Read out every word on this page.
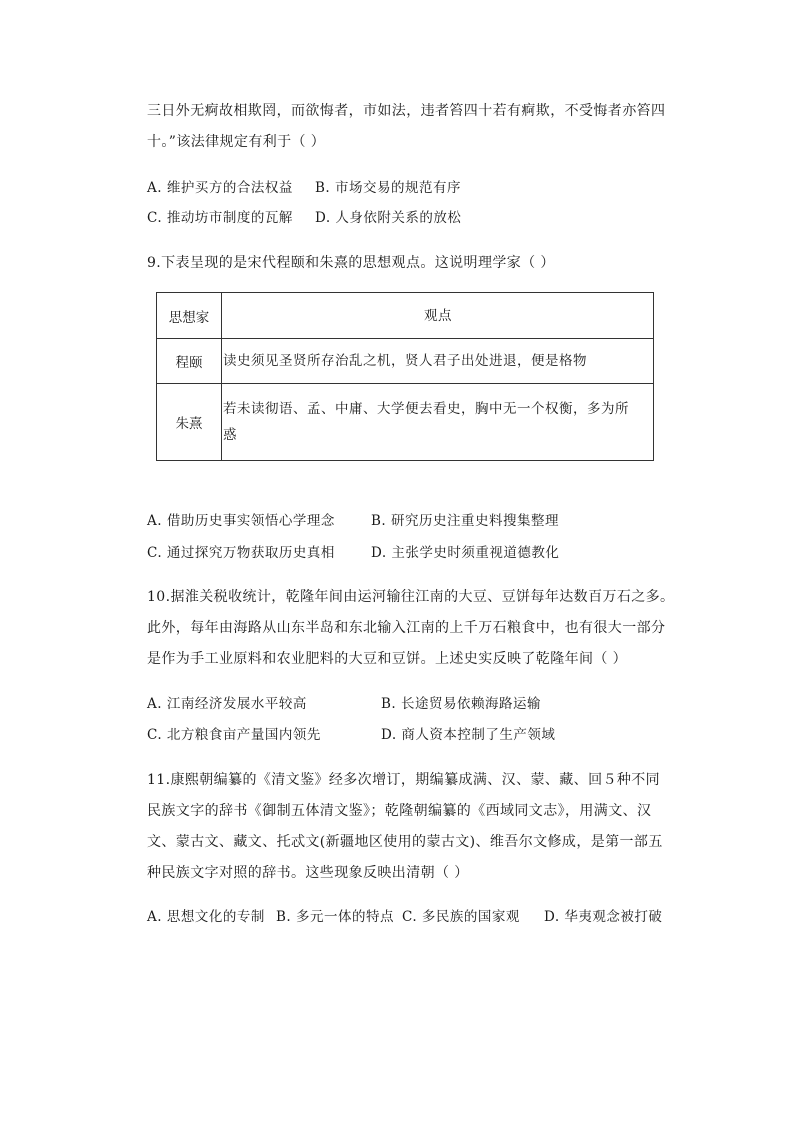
三日外无痾故相欺罔，而欲悔者，市如法，违者笞四十若有痾欺，不受悔者亦笞四
十。”该法律规定有利于（ ）
A. 维护买方的合法权益 B. 市场交易的规范有序
C. 推动坊市制度的瓦解 D. 人身依附关系的放松
9.下表呈现的是宋代程颐和朱熹的思想观点。这说明理学家（ ）
思想家	观点
程颐	读史须见圣贤所存治乱之机，贤人君子出处进退，便是格物
朱熹	若未读彻语、孟、中庸、大学便去看史，胸中无一个权衡，多为所
惑
A. 借助历史事实领悟心学理念	B. 研究历史注重史料搜集整理
C. 通过探究万物获取历史真相	D. 主张学史时须重视道德教化
10.据淮关税收统计，乾隆年间由运河输往江南的大豆、豆饼每年达数百万石之多。
此外，每年由海路从山东半岛和东北输入江南的上千万石粮食中，也有很大一部分
是作为手工业原料和农业肥料的大豆和豆饼。上述史实反映了乾隆年间（ ）
A. 江南经济发展水平较高	B. 长途贸易依赖海路运输
C. 北方粮食亩产量国内领先	D. 商人资本控制了生产领域
11.康熙朝编纂的《清文鉴》经多次增订，期编纂成满、汉、蒙、藏、回５种不同
民族文字的辞书《御制五体清文鉴》；乾隆朝编纂的《西域同文志》，用满文、汉
文、蒙古文、藏文、托忒文(新疆地区使用的蒙古文)、维吾尔文修成，是第一部五
种民族文字对照的辞书。这些现象反映出清朝（ ）
A. 思想文化的专制 B. 多元一体的特点 C. 多民族的国家观 D. 华夷观念被打破
